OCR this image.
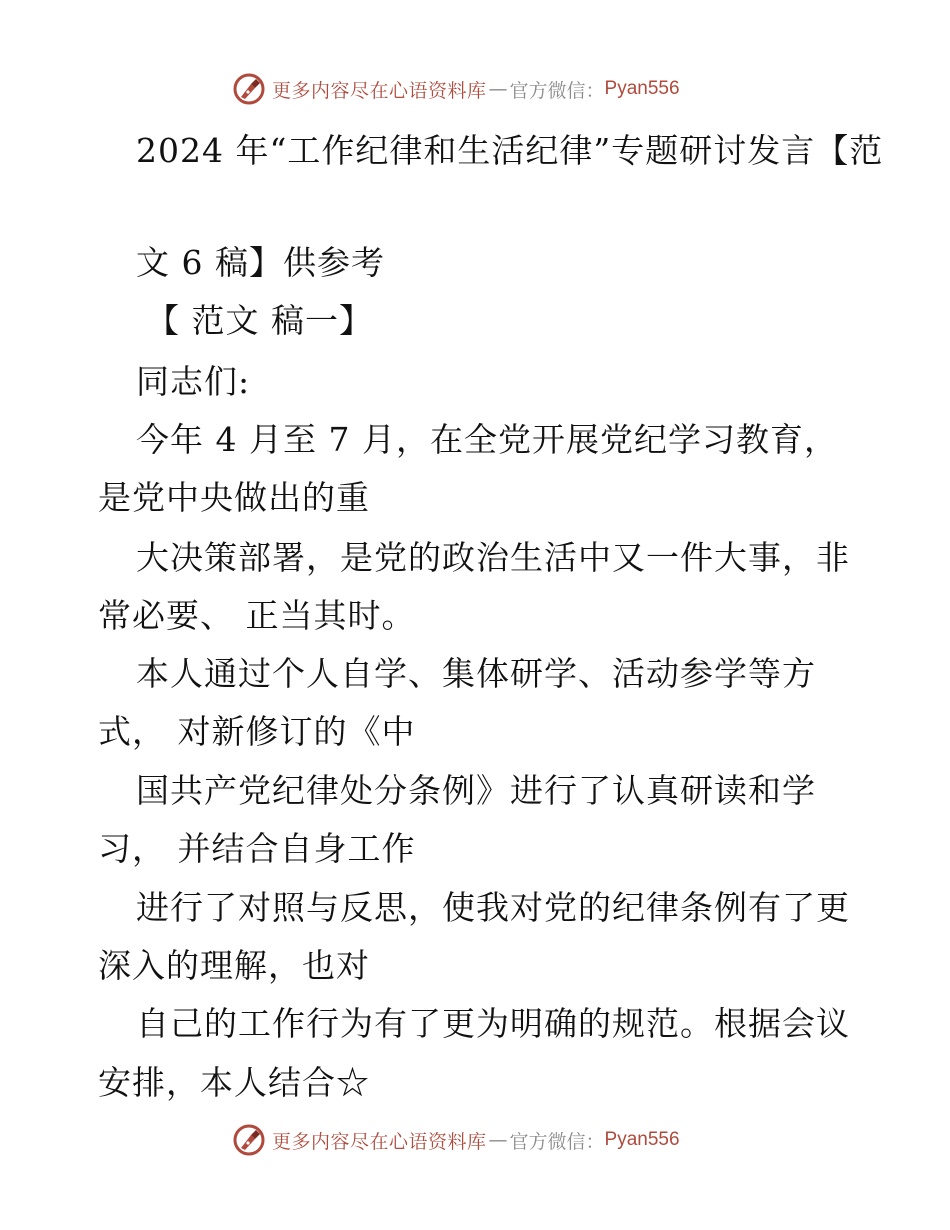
更多内容尽在心语资料库 — 官方微信： Pyan556
2024 年“工作纪律和生活纪律”专题研讨发言【范
文 6 稿】供参考
【 范文 稿一】
同志们:
今年 4 月至 7 月，在全党开展党纪学习教育，
是党中央做出的重
大决策部署，是党的政治生活中又一件大事，非
常必要、 正当其时。
本人通过个人自学、集体研学、活动参学等方
式， 对新修订的《中
国共产党纪律处分条例》进行了认真研读和学
习， 并结合自身工作
进行了对照与反思，使我对党的纪律条例有了更
深入的理解，也对
自己的工作行为有了更为明确的规范。根据会议
安排，本人结合☆
更多内容尽在心语资料库 — 官方微信： Pyan556
